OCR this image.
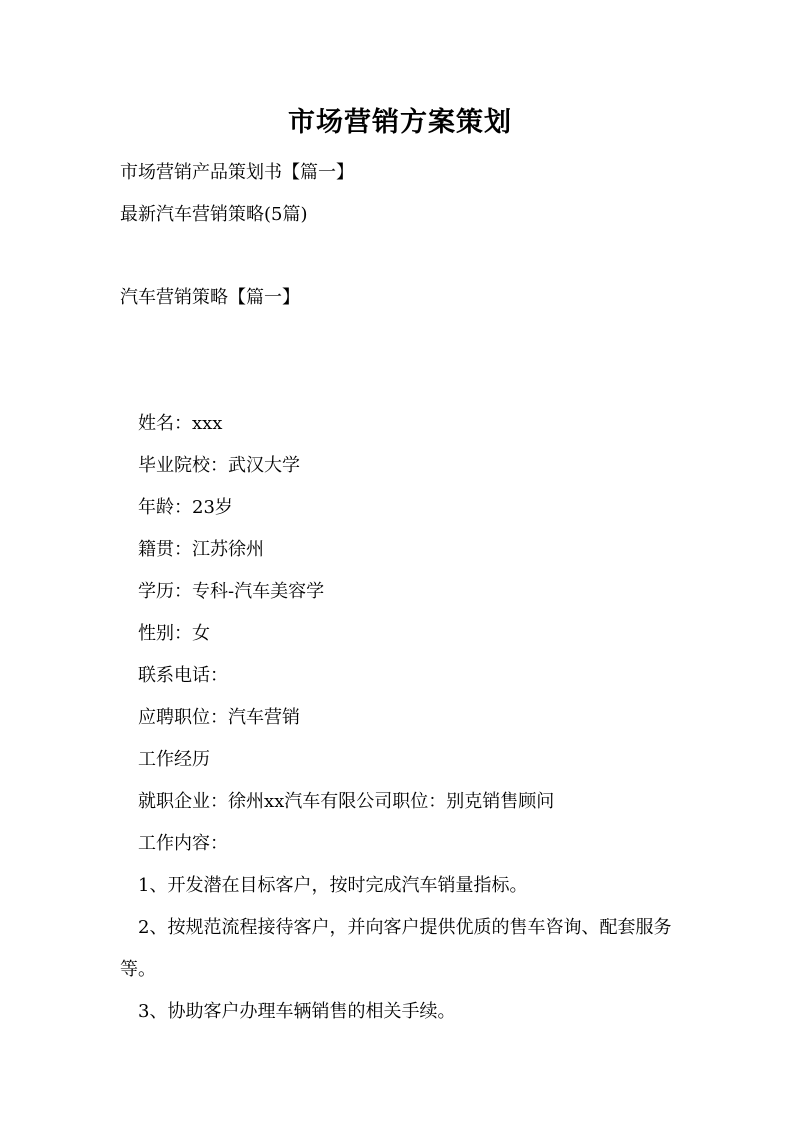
市场营销方案策划
市场营销产品策划书【篇一】
最新汽车营销策略(5篇)
汽车营销策略【篇一】
姓名：xxx
毕业院校：武汉大学
年龄：23岁
籍贯：江苏徐州
学历：专科-汽车美容学
性别：女
联系电话：
应聘职位：汽车营销
工作经历
就职企业：徐州xx汽车有限公司职位：别克销售顾问
工作内容：
1、开发潜在目标客户，按时完成汽车销量指标。
2、按规范流程接待客户，并向客户提供优质的售车咨询、配套服务等。
3、协助客户办理车辆销售的相关手续。
